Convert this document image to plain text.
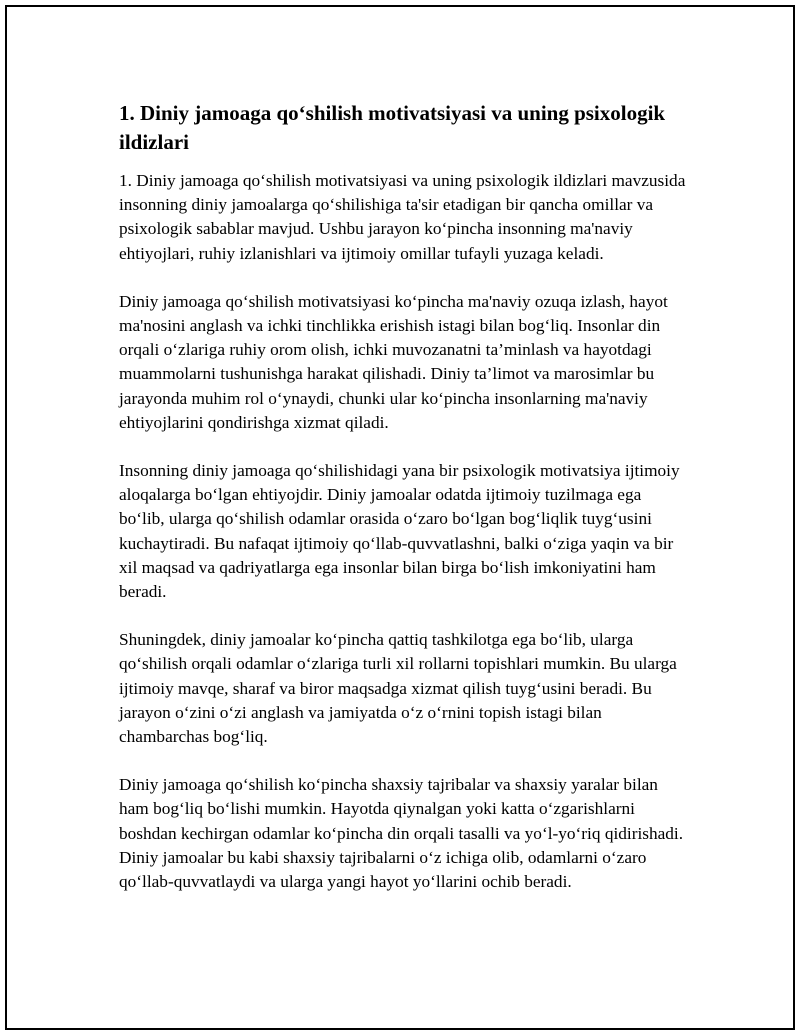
1. Diniy jamoaga qo‘shilish motivatsiyasi va uning psixologik ildizlari

1. Diniy jamoaga qo‘shilish motivatsiyasi va uning psixologik ildizlari mavzusida insonning diniy jamoalarga qo‘shilishiga ta'sir etadigan bir qancha omillar va psixologik sabablar mavjud. Ushbu jarayon ko‘pincha insonning ma'naviy ehtiyojlari, ruhiy izlanishlari va ijtimoiy omillar tufayli yuzaga keladi.

Diniy jamoaga qo‘shilish motivatsiyasi ko‘pincha ma'naviy ozuqa izlash, hayot ma'nosini anglash va ichki tinchlikka erishish istagi bilan bog‘liq. Insonlar din orqali o‘zlariga ruhiy orom olish, ichki muvozanatni ta’minlash va hayotdagi muammolarni tushunishga harakat qilishadi. Diniy ta’limot va marosimlar bu jarayonda muhim rol o‘ynaydi, chunki ular ko‘pincha insonlarning ma'naviy ehtiyojlarini qondirishga xizmat qiladi.

Insonning diniy jamoaga qo‘shilishidagi yana bir psixologik motivatsiya ijtimoiy aloqalarga bo‘lgan ehtiyojdir. Diniy jamoalar odatda ijtimoiy tuzilmaga ega bo‘lib, ularga qo‘shilish odamlar orasida o‘zaro bo‘lgan bog‘liqlik tuyg‘usini kuchaytiradi. Bu nafaqat ijtimoiy qo‘llab-quvvatlashni, balki o‘ziga yaqin va bir xil maqsad va qadriyatlarga ega insonlar bilan birga bo‘lish imkoniyatini ham beradi.

Shuningdek, diniy jamoalar ko‘pincha qattiq tashkilotga ega bo‘lib, ularga qo‘shilish orqali odamlar o‘zlariga turli xil rollarni topishlari mumkin. Bu ularga ijtimoiy mavqe, sharaf va biror maqsadga xizmat qilish tuyg‘usini beradi. Bu jarayon o‘zini o‘zi anglash va jamiyatda o‘z o‘rnini topish istagi bilan chambarchas bog‘liq.

Diniy jamoaga qo‘shilish ko‘pincha shaxsiy tajribalar va shaxsiy yaralar bilan ham bog‘liq bo‘lishi mumkin. Hayotda qiynalgan yoki katta o‘zgarishlarni boshdan kechirgan odamlar ko‘pincha din orqali tasalli va yo‘l-yo‘riq qidirishadi. Diniy jamoalar bu kabi shaxsiy tajribalarni o‘z ichiga olib, odamlarni o‘zaro qo‘llab-quvvatlaydi va ularga yangi hayot yo‘llarini ochib beradi.
